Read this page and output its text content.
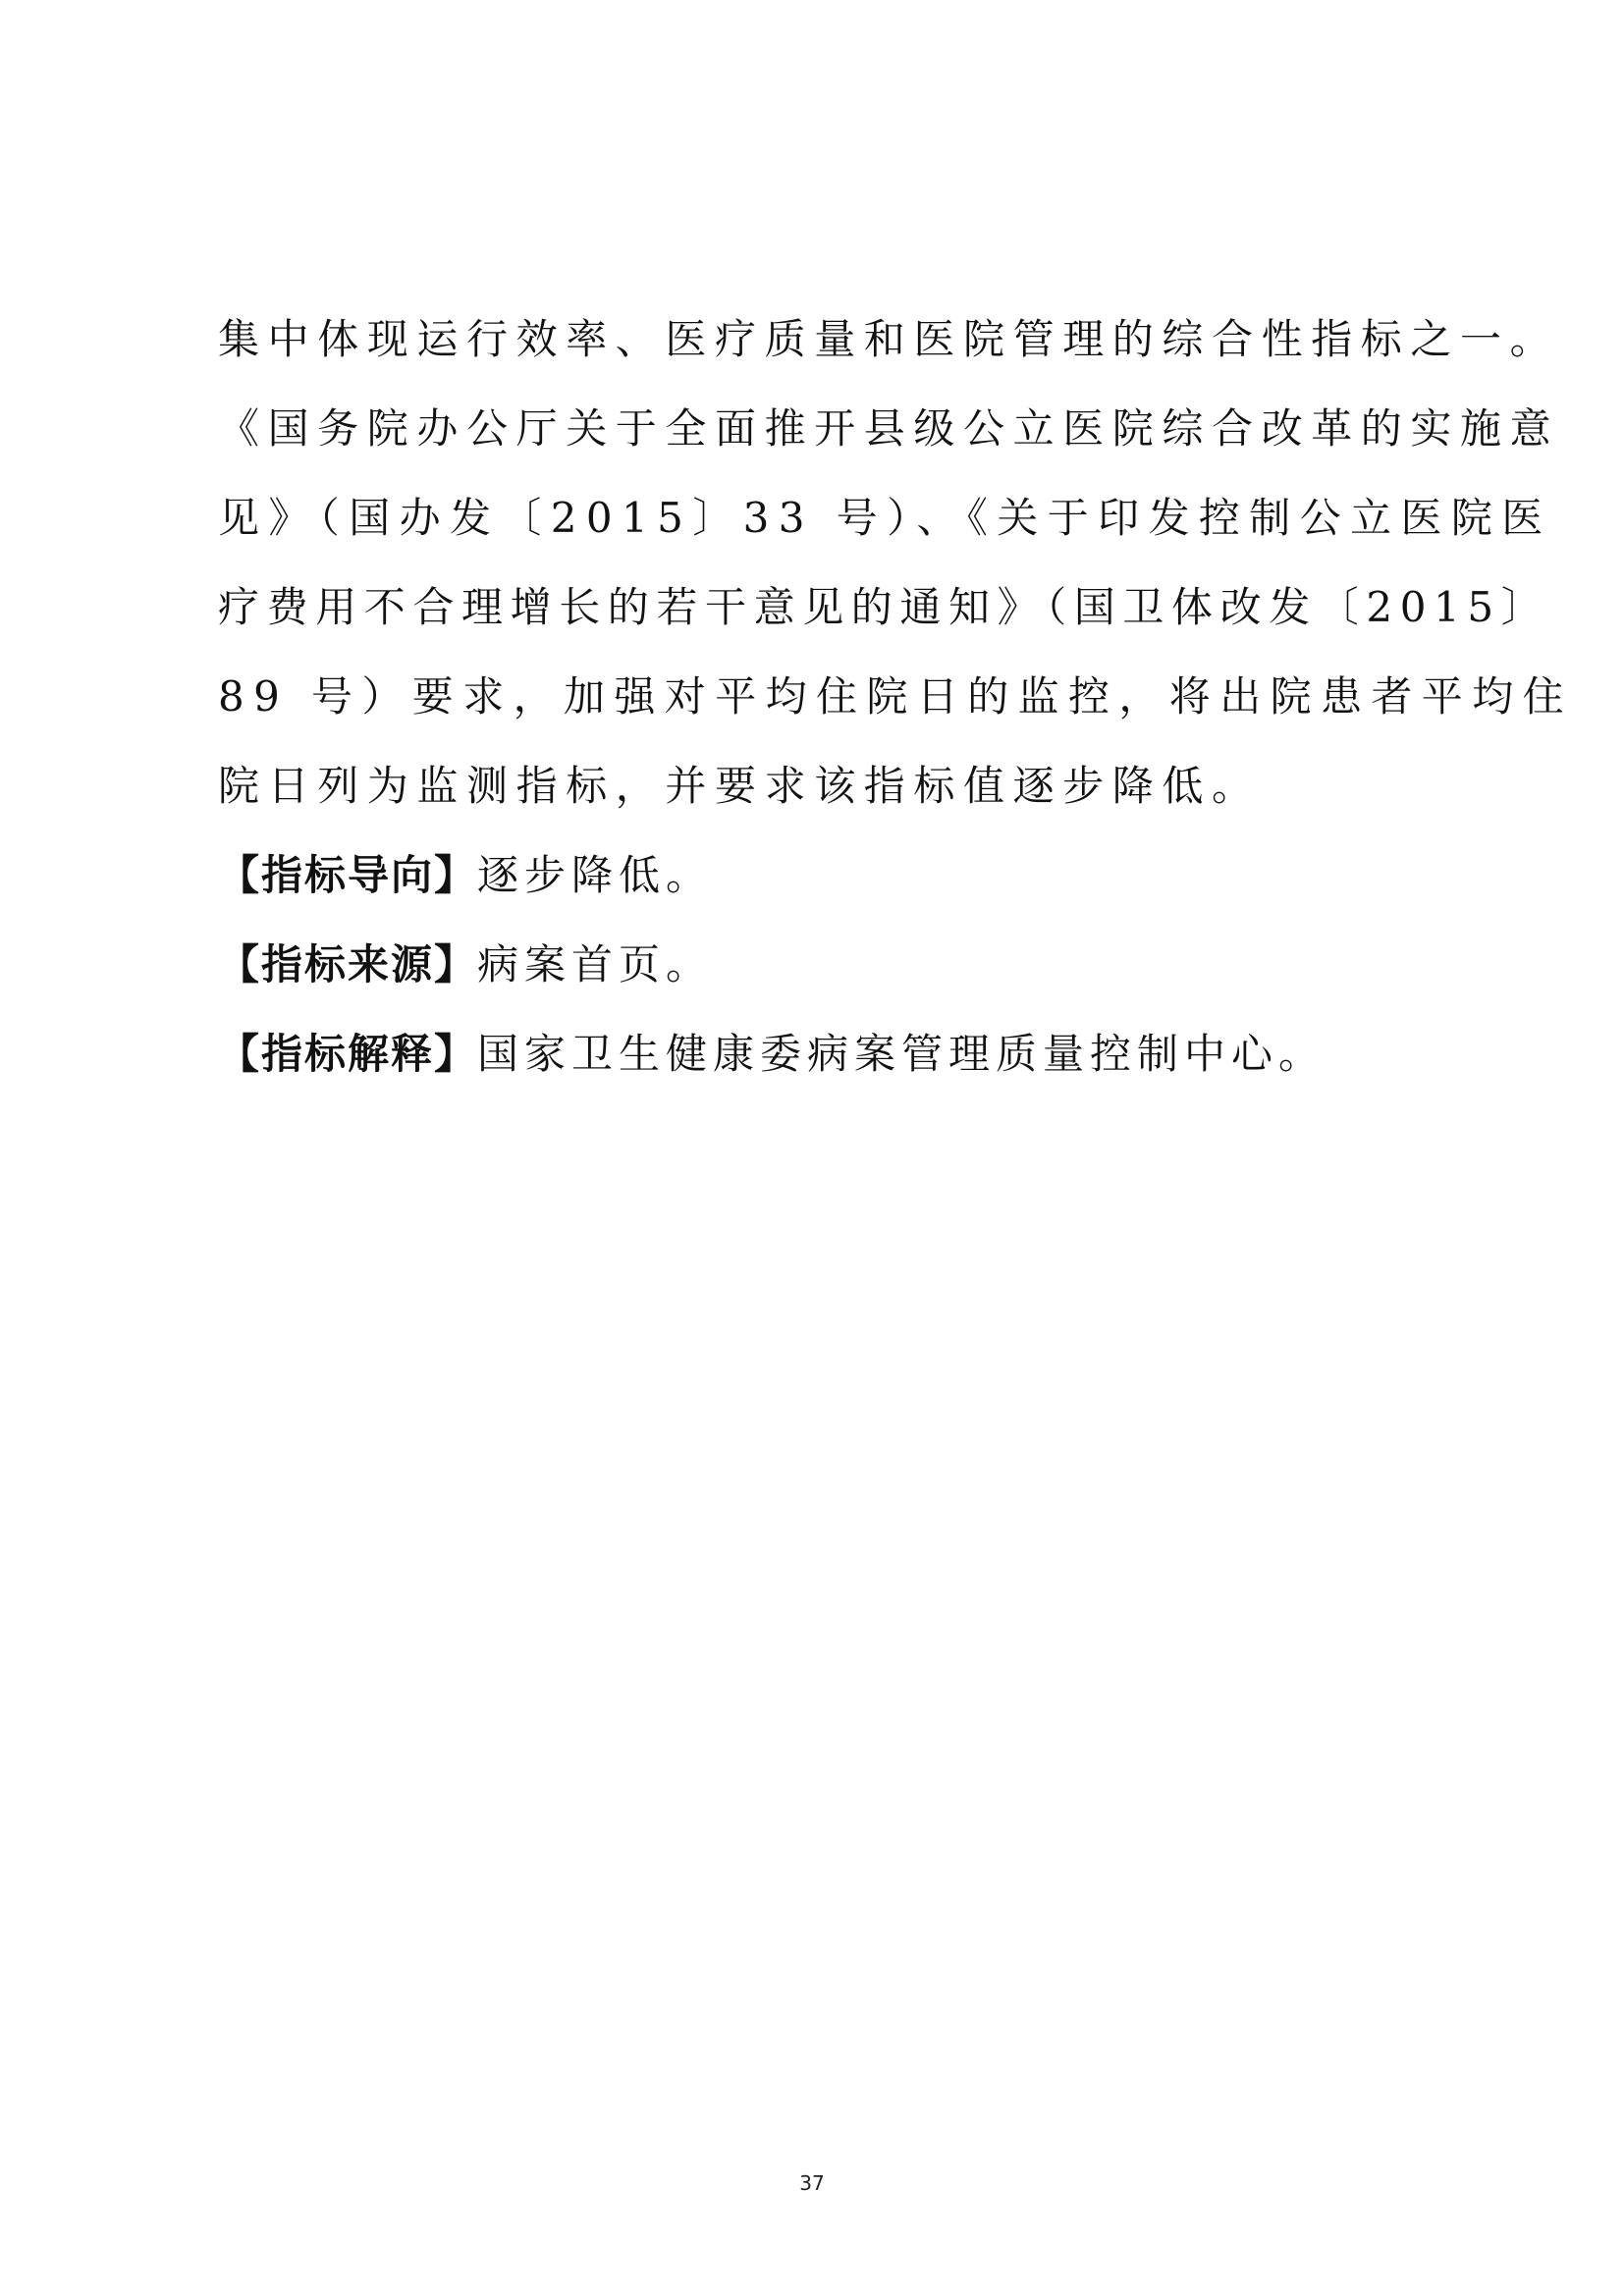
集中体现运行效率、医疗质量和医院管理的综合性指标之一。
《国务院办公厅关于全面推开县级公立医院综合改革的实施意
见》（国办发〔2015〕33 号）、《关于印发控制公立医院医
疗费用不合理增长的若干意见的通知》（国卫体改发〔2015〕
89 号）要求，加强对平均住院日的监控，将出院患者平均住
院日列为监测指标，并要求该指标值逐步降低。
【指标导向】逐步降低。
【指标来源】病案首页。
【指标解释】国家卫生健康委病案管理质量控制中心。
37
